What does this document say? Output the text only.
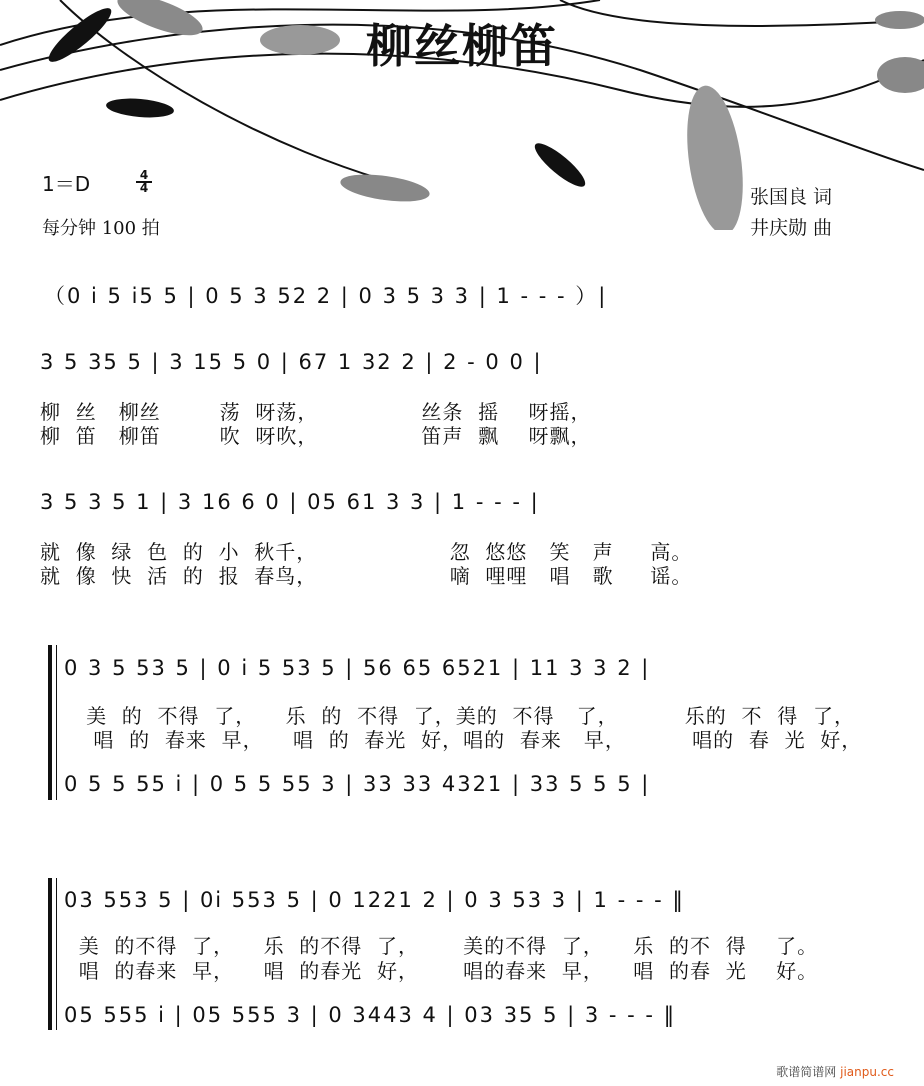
柳丝柳笛
1＝D	4
4
每分钟 100 拍
张国良 词
井庆勋 曲
（0 i 5 i5 5 | 0 5 3 52 2 | 0 3 5 3 3 | 1 - - - ）|
3 5 35 5 | 3 15 5 0 | 67 1 32 2 | 2 - 0 0 |
柳  丝   柳丝        荡  呀荡，              丝条  摇    呀摇，
柳  笛   柳笛        吹  呀吹，              笛声  飘    呀飘，
3 5 3 5 1 | 3 16 6 0 | 05 61 3 3 | 1 - - - |
就  像  绿  色  的  小  秋千，                  忽  悠悠   笑   声     高。
就  像  快  活  的  报  春鸟，                  嘀  哩哩   唱   歌     谣。
0 3 5 53 5 | 0 i 5 53 5 | 56 65 6521 | 11 3 3 2 |
美  的  不得  了，    乐  的  不得  了，美的  不得   了，         乐的  不  得  了，
唱  的  春来  早，    唱  的  春光  好，唱的  春来   早，         唱的  春  光  好，
0 5 5 55 i | 0 5 5 55 3 | 33 33 4321 | 33 5 5 5 |
03 553 5 | 0i 553 5 | 0 1221 2 | 0 3 53 3 | 1 - - - ‖
美  的不得  了，    乐  的不得  了，      美的不得  了，    乐  的不  得    了。
唱  的春来  早，    唱  的春光  好，      唱的春来  早，    唱  的春  光    好。
05 555 i | 05 555 3 | 0 3443 4 | 03 35 5 | 3 - - - ‖
歌谱简谱网 jianpu.cc
